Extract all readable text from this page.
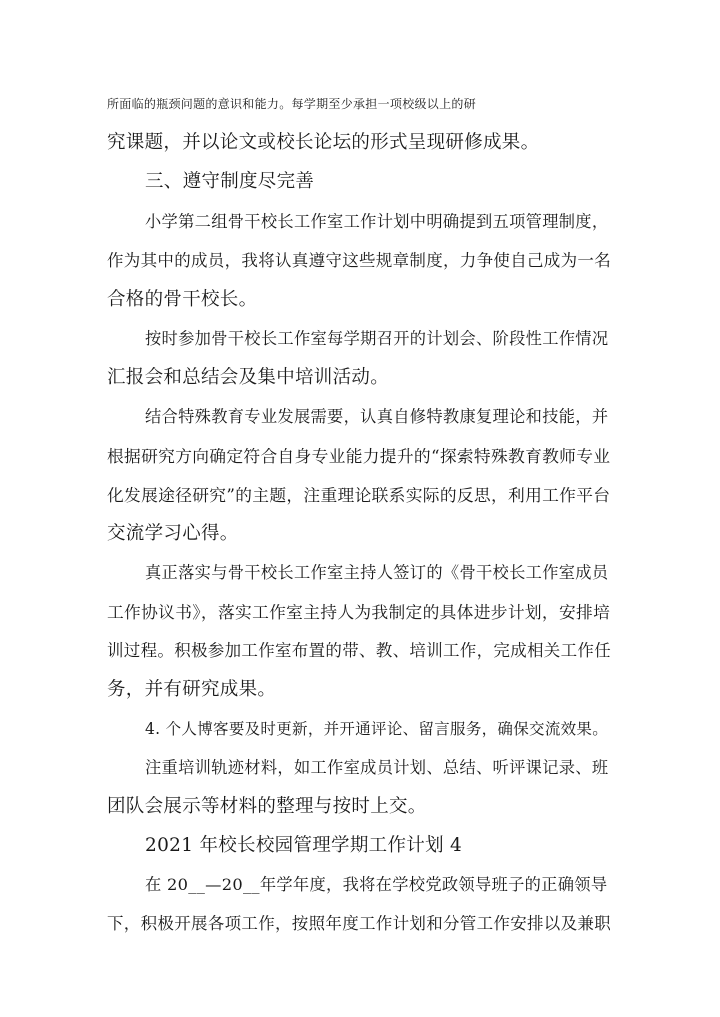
所面临的瓶颈问题的意识和能力。每学期至少承担一项校级以上的研
究课题，并以论文或校长论坛的形式呈现研修成果。
三、遵守制度尽完善
小学第二组骨干校长工作室工作计划中明确提到五项管理制度，
作为其中的成员，我将认真遵守这些规章制度，力争使自己成为一名
合格的骨干校长。
按时参加骨干校长工作室每学期召开的计划会、阶段性工作情况
汇报会和总结会及集中培训活动。
结合特殊教育专业发展需要，认真自修特教康复理论和技能，并
根据研究方向确定符合自身专业能力提升的“探索特殊教育教师专业
化发展途径研究”的主题，注重理论联系实际的反思，利用工作平台
交流学习心得。
真正落实与骨干校长工作室主持人签订的《骨干校长工作室成员
工作协议书》，落实工作室主持人为我制定的具体进步计划，安排培
训过程。积极参加工作室布置的带、教、培训工作，完成相关工作任
务，并有研究成果。
4. 个人博客要及时更新，并开通评论、留言服务，确保交流效果。
注重培训轨迹材料，如工作室成员计划、总结、听评课记录、班
团队会展示等材料的整理与按时上交。
2021 年校长校园管理学期工作计划 4
在 20__—20__年学年度，我将在学校党政领导班子的正确领导
下，积极开展各项工作，按照年度工作计划和分管工作安排以及兼职
